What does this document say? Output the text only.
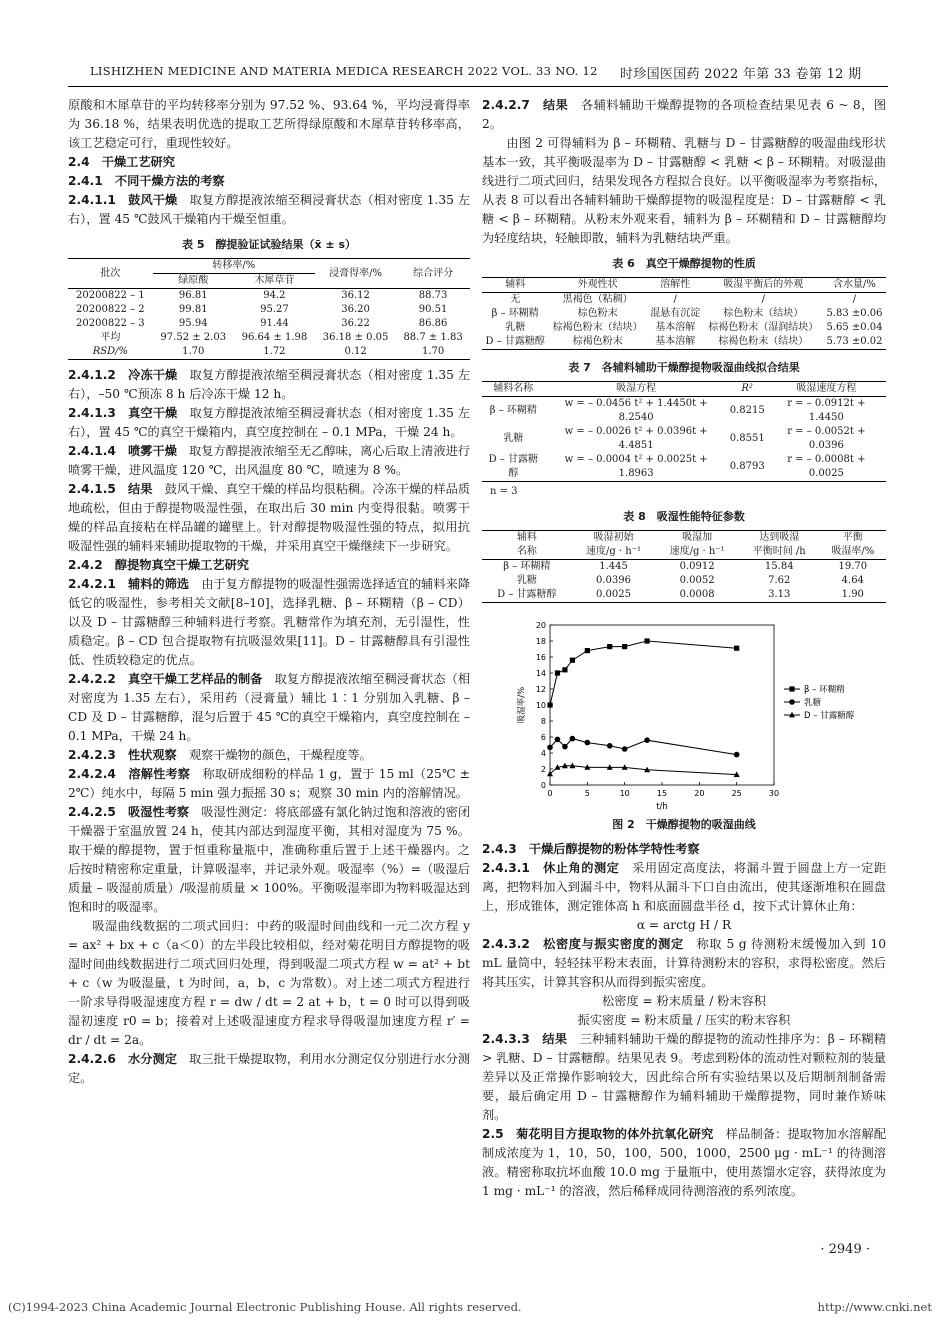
LISHIZHEN MEDICINE AND MATERIA MEDICA RESEARCH 2022 VOL. 33 NO. 12 时珍国医国药 2022 年第 33 卷第 12 期

原酸和木犀草苷的平均转移率分别为 97.52 %、93.64 %，平均浸膏得率为 36.18 %，结果表明优选的提取工艺所得绿原酸和木犀草苷转移率高，该工艺稳定可行，重现性较好。

2.4　干燥工艺研究

2.4.1　不同干燥方法的考察

2.4.1.1　鼓风干燥　 取复方醇提液浓缩至稠浸膏状态（相对密度 1.35 左右），置 45 ℃鼓风干燥箱内干燥至恒重。

表 5　醇提验证试验结果（x̄ ± s）
批次	转移率/%		浸膏得率/%	综合评分
	绿原酸	木犀草苷		
20200822 – 1	96.81	94.2	36.12	88.73
20200822 – 2	99.81	95.27	36.20	90.51
20200822 – 3	95.94	91.44	36.22	86.86
平均	97.52 ± 2.03	96.64 ± 1.98	36.18 ± 0.05	88.7 ± 1.83
RSD/%	1.70	1.72	0.12	1.70

2.4.1.2　冷冻干燥　 取复方醇提液浓缩至稠浸膏状态（相对密度 1.35 左右），–50 ℃预冻 8 h 后冷冻干燥 12 h。

2.4.1.3　真空干燥　 取复方醇提液浓缩至稠浸膏状态（相对密度 1.35 左右），置 45 ℃的真空干燥箱内，真空度控制在 – 0.1 MPa，干燥 24 h。

2.4.1.4　喷雾干燥　 取复方醇提液浓缩至无乙醇味，离心后取上清液进行喷雾干燥，进风温度 120 ℃，出风温度 80 ℃，喷速为 8 %。

2.4.1.5　结果　 鼓风干燥、真空干燥的样品均很粘稠。冷冻干燥的样品质地疏松，但由于醇提物吸湿性强，在取出后 30 min 内变得很黏。喷雾干燥的样品直接粘在样品罐的罐壁上。针对醇提物吸湿性强的特点，拟用抗吸湿性强的辅料来辅助提取物的干燥，并采用真空干燥继续下一步研究。

2.4.2　醇提物真空干燥工艺研究

2.4.2.1　辅料的筛选　 由于复方醇提物的吸湿性强需选择适宜的辅料来降低它的吸湿性，参考相关文献[8–10]，选择乳糖、β – 环糊精（β – CD）以及 D – 甘露糖醇三种辅料进行考察。乳糖常作为填充剂，无引湿性，性质稳定。β – CD 包合提取物有抗吸湿效果[11]。D – 甘露糖醇具有引湿性低、性质较稳定的优点。

2.4.2.2　真空干燥工艺样品的制备　 取复方醇提液浓缩至稠浸膏状态（相对密度为 1.35 左右），采用药（浸膏量）辅比 1∶1 分别加入乳糖、β – CD 及 D – 甘露糖醇，混匀后置于 45 ℃的真空干燥箱内，真空度控制在 – 0.1 MPa，干燥 24 h。

2.4.2.3　性状观察　 观察干燥物的颜色，干燥程度等。

2.4.2.4　溶解性考察　 称取研成细粉的样品 1 g，置于 15 ml（25℃ ± 2℃）纯水中，每隔 5 min 强力振摇 30 s；观察 30 min 内的溶解情况。

2.4.2.5　吸湿性考察　 吸湿性测定：将底部盛有氯化钠过饱和溶液的密闭干燥器于室温放置 24 h，使其内部达到湿度平衡，其相对湿度为 75 %。取干燥的醇提物，置于恒重称量瓶中，准确称重后置于上述干燥器内。之后按时精密称定重量，计算吸湿率，并记录外观。吸湿率（%）=（吸湿后质量 – 吸湿前质量）/吸湿前质量 × 100%。平衡吸湿率即为物料吸湿达到饱和时的吸湿率。

吸湿曲线数据的二项式回归：中药的吸湿时间曲线和一元二次方程 y = ax² + bx + c（a＜0）的左半段比较相似，经对菊花明目方醇提物的吸湿时间曲线数据进行二项式回归处理，得到吸湿二项式方程 w = at² + bt + c（w 为吸湿量，t 为时间，a，b，c 为常数）。对上述二项式方程进行一阶求导得吸湿速度方程 r = dw / dt = 2 at + b，t = 0 时可以得到吸湿初速度 r0 = b；接着对上述吸湿速度方程求导得吸湿加速度方程 r′ = dr / dt = 2a。

2.4.2.6　水分测定　 取三批干燥提取物，利用水分测定仅分别进行水分测定。

2.4.2.7　结果　 各辅料辅助干燥醇提物的各项检查结果见表 6 ~ 8，图 2。

由图 2 可得辅料为 β – 环糊精、乳糖与 D – 甘露糖醇的吸湿曲线形状基本一致，其平衡吸湿率为 D – 甘露糖醇 < 乳糖 < β – 环糊精。对吸湿曲线进行二项式回归，结果发现各方程拟合良好。以平衡吸湿率为考察指标，从表 8 可以看出各辅料辅助干燥醇提物的吸湿程度是：D – 甘露糖醇 < 乳糖 < β – 环糊精。从粉末外观来看，辅料为 β – 环糊精和 D – 甘露糖醇均为轻度结块，轻触即散，辅料为乳糖结块严重。

表 6　真空干燥醇提物的性质
辅料	外观性状	溶解性	吸湿平衡后的外观	含水量/%
无	黑褐色（粘稠）	/	/	/
β – 环糊精	棕色粉末	混悬有沉淀	棕色粉末（结块）	5.83 ±0.06
乳糖	棕褐色粉末（结块）	基本溶解	棕褐色粉末（湿润结块）	5.65 ±0.04
D – 甘露糖醇	棕褐色粉末	基本溶解	棕褐色粉末（结块）	5.73 ±0.02
表 7　各辅料辅助干燥醇提物吸湿曲线拟合结果
辅料名称	吸湿方程	R²	吸湿速度方程
β – 环糊精	w = – 0.0456 t² + 1.4450t + 8.2540	0.8215	r = – 0.0912t + 1.4450
乳糖	w = – 0.0026 t² + 0.0396t + 4.4851	0.8551	r = – 0.0052t + 0.0396
D – 甘露糖醇	w = – 0.0004 t² + 0.0025t + 1.8963	0.8793	r = – 0.0008t + 0.0025
n = 3
表 8　吸湿性能特征参数
辅料	吸湿初始	吸湿加	达到吸湿	平衡
名称	速度/g · h⁻¹	速度/g · h⁻¹	平衡时间 /h	吸湿率/%
β – 环糊精	1.445	0.0912	15.84	19.70
乳糖	0.0396	0.0052	7.62	4.64
D – 甘露糖醇	0.0025	0.0008	3.13	1.90
0	5	10	15	20	25	30
0
2
4
6
8
10
12
14
16
18
20
t/h
吸湿率/%	β – 环糊精
乳糖
D – 甘露糖醇
图 2　干燥醇提物的吸湿曲线

2.4.3　干燥后醇提物的粉体学特性考察

2.4.3.1　休止角的测定　 采用固定高度法，将漏斗置于圆盘上方一定距离，把物料加入到漏斗中，物料从漏斗下口自由流出，使其逐渐堆积在圆盘上，形成锥体，测定锥体高 h 和底面圆盘半径 d，按下式计算休止角：

α = arctg H / R

2.4.3.2　松密度与振实密度的测定　 称取 5 g 待测粉末缓慢加入到 10 mL 量筒中，轻轻抹平粉末表面，计算待测粉末的容积，求得松密度。然后将其压实，计算其容积从而得到振实密度。

松密度 = 粉末质量 / 粉末容积

振实密度 = 粉末质量 / 压实的粉末容积

2.4.3.3　结果　 三种辅料辅助干燥的醇提物的流动性排序为：β – 环糊精 > 乳糖、D – 甘露糖醇。结果见表 9。考虑到粉体的流动性对颗粒剂的装量差异以及正常操作影响较大，因此综合所有实验结果以及后期制剂制备需要，最后确定用 D – 甘露糖醇作为辅料辅助干燥醇提物，同时兼作矫味剂。

2.5　菊花明目方提取物的体外抗氧化研究　 样品制备：提取物加水溶解配制成浓度为 1，10，50，100，500，1000，2500 μg · mL⁻¹ 的待测溶液。精密称取抗坏血酸 10.0 mg 于量瓶中，使用蒸馏水定容，获得浓度为 1 mg · mL⁻¹ 的溶液，然后稀释成同待测溶液的系列浓度。

· 2949 ·
(C)1994-2023 China Academic Journal Electronic Publishing House. All rights reserved.	http://www.cnki.net
